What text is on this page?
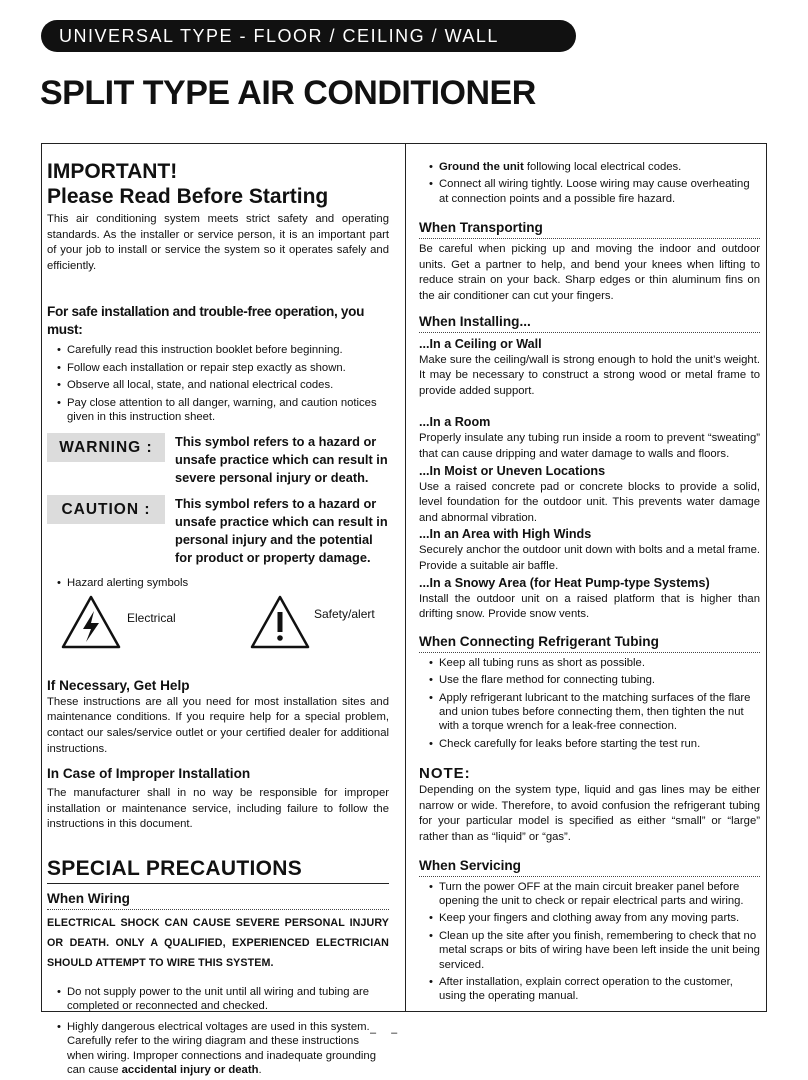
UNIVERSAL TYPE - FLOOR / CEILING / WALL
SPLIT TYPE AIR CONDITIONER
IMPORTANT!
Please Read Before Starting

This air conditioning system meets strict safety and operating standards. As the installer or service person, it is an important part of your job to install or service the system so it operates safely and efficiently.

For safe installation and trouble-free operation, you must:
• Carefully read this instruction booklet before beginning.
• Follow each installation or repair step exactly as shown.
• Observe all local, state, and national electrical codes.
• Pay close attention to all danger, warning, and caution notices given in this instruction sheet.
WARNING :	This symbol refers to a hazard or unsafe practice which can result in severe personal injury or death.
CAUTION :	This symbol refers to a hazard or unsafe practice which can result in personal injury and the potential for product or property damage.
• Hazard alerting symbols
Electrical	Safety/alert
If Necessary, Get Help

These instructions are all you need for most installation sites and maintenance conditions. If you require help for a special problem, contact our sales/service outlet or your certified dealer for additional instructions.

In Case of Improper Installation

The manufacturer shall in no way be responsible for improper installation or maintenance service, including failure to follow the instructions in this document.

SPECIAL PRECAUTIONS
When Wiring

ELECTRICAL SHOCK CAN CAUSE SEVERE PERSONAL INJURY OR DEATH. ONLY A QUALIFIED, EXPERIENCED ELECTRICIAN SHOULD ATTEMPT TO WIRE THIS SYSTEM.

• Do not supply power to the unit until all wiring and tubing are completed or reconnected and checked.
• Highly dangerous electrical voltages are used in this system. Carefully refer to the wiring diagram and these instructions when wiring. Improper connections and inadequate grounding can cause accidental injury or death.
• Ground the unit following local electrical codes.
• Connect all wiring tightly. Loose wiring may cause overheating at connection points and a possible fire hazard.
When Transporting

Be careful when picking up and moving the indoor and outdoor units. Get a partner to help, and bend your knees when lifting to reduce strain on your back. Sharp edges or thin aluminum fins on the air conditioner can cut your fingers.

When Installing...
...In a Ceiling or Wall

Make sure the ceiling/wall is strong enough to hold the unit’s weight. It may be necessary to construct a strong wood or metal frame to provide added support.

...In a Room

Properly insulate any tubing run inside a room to prevent “sweating” that can cause dripping and water damage to walls and floors.

...In Moist or Uneven Locations

Use a raised concrete pad or concrete blocks to provide a solid, level foundation for the outdoor unit. This prevents water damage and abnormal vibration.

...In an Area with High Winds

Securely anchor the outdoor unit down with bolts and a metal frame. Provide a suitable air baffle.

...In a Snowy Area (for Heat Pump-type Systems)

Install the outdoor unit on a raised platform that is higher than drifting snow. Provide snow vents.

When Connecting Refrigerant Tubing
• Keep all tubing runs as short as possible.
• Use the flare method for connecting tubing.
• Apply refrigerant lubricant to the matching surfaces of the flare and union tubes before connecting them, then tighten the nut with a torque wrench for a leak-free connection.
• Check carefully for leaks before starting the test run.
NOTE:

Depending on the system type, liquid and gas lines may be either narrow or wide. Therefore, to avoid confusion the refrigerant tubing for your particular model is specified as either “small” or “large” rather than as “liquid” or “gas”.

When Servicing
• Turn the power OFF at the main circuit breaker panel before opening the unit to check or repair electrical parts and wiring.
• Keep your fingers and clothing away from any moving parts.
• Clean up the site after you finish, remembering to check that no metal scraps or bits of wiring have been left inside the unit being serviced.
• After installation, explain correct operation to the customer, using the operating manual.
– –
